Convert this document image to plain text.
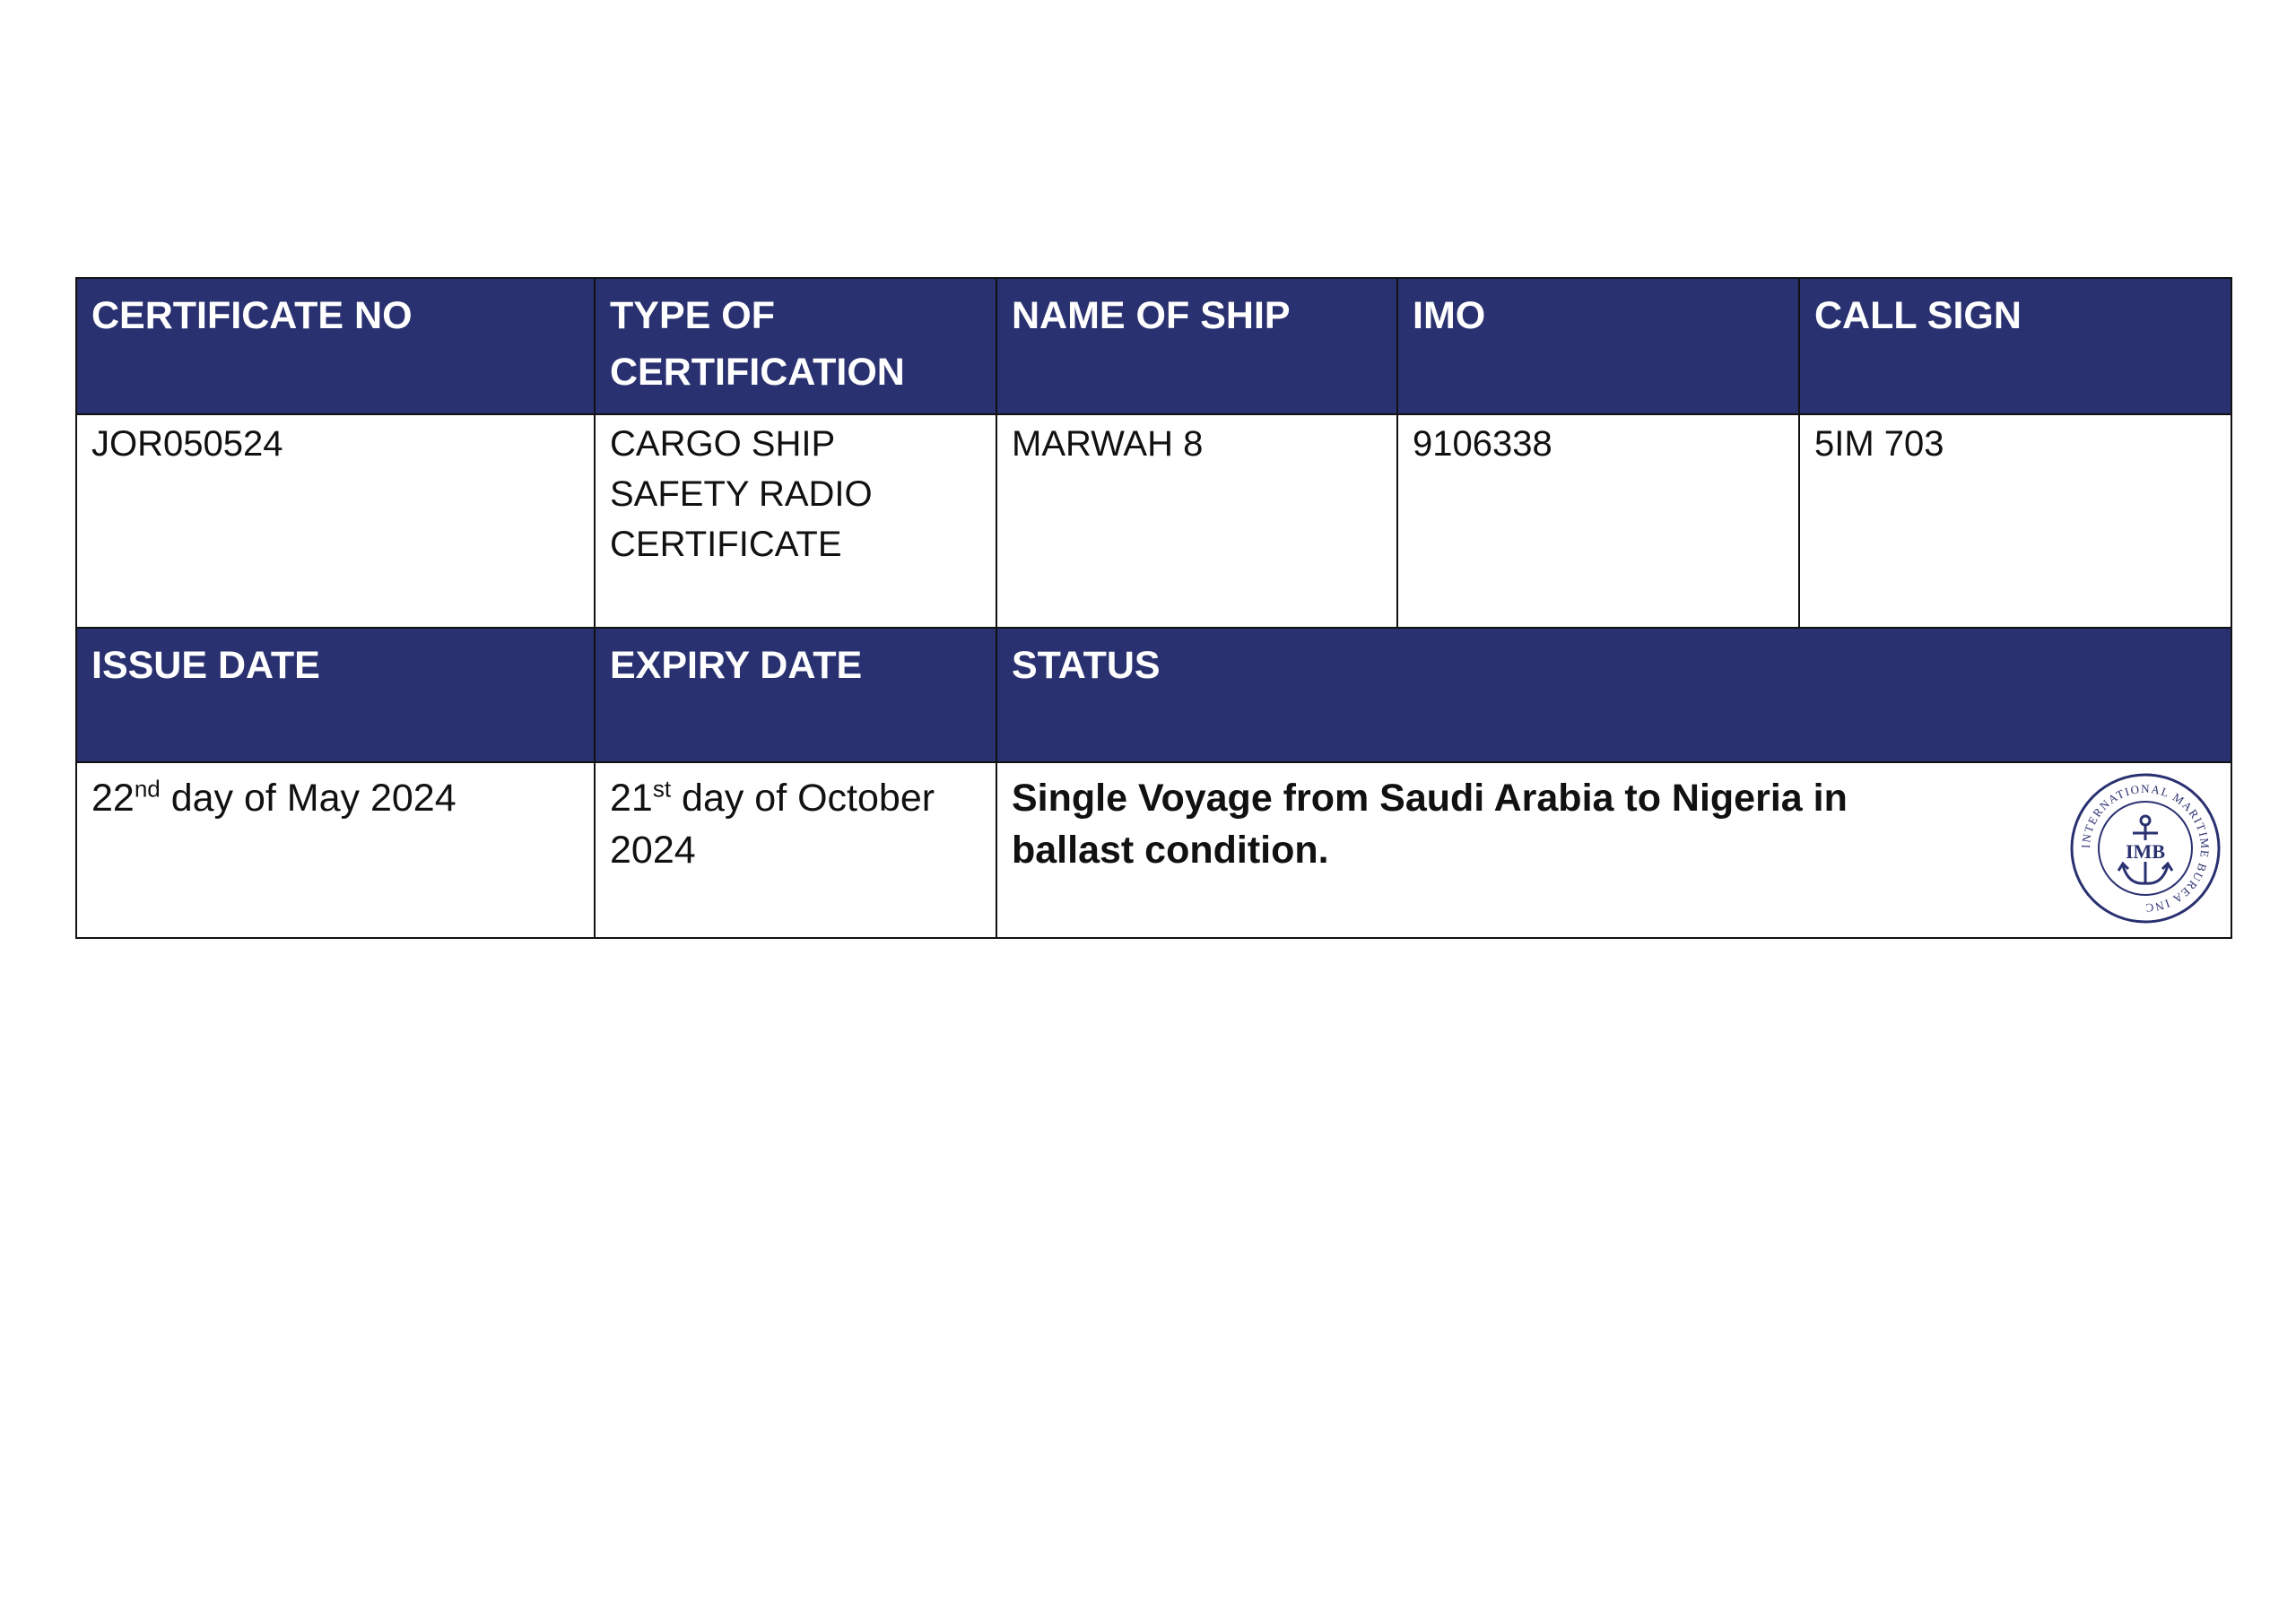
CERTIFICATE NO	TYPE OF CERTIFICATION	NAME OF SHIP	IMO	CALL SIGN
JOR050524	CARGO SHIP SAFETY RADIO CERTIFICATE	MARWAH 8	9106338	5IM 703
ISSUE DATE	EXPIRY DATE	STATUS		
22nd day of May 2024	21st day of October 2024	Single Voyage from Saudi Arabia to Nigeria in ballast condition. INTERNATIONAL MARITIME BUREA INC
IMB		
